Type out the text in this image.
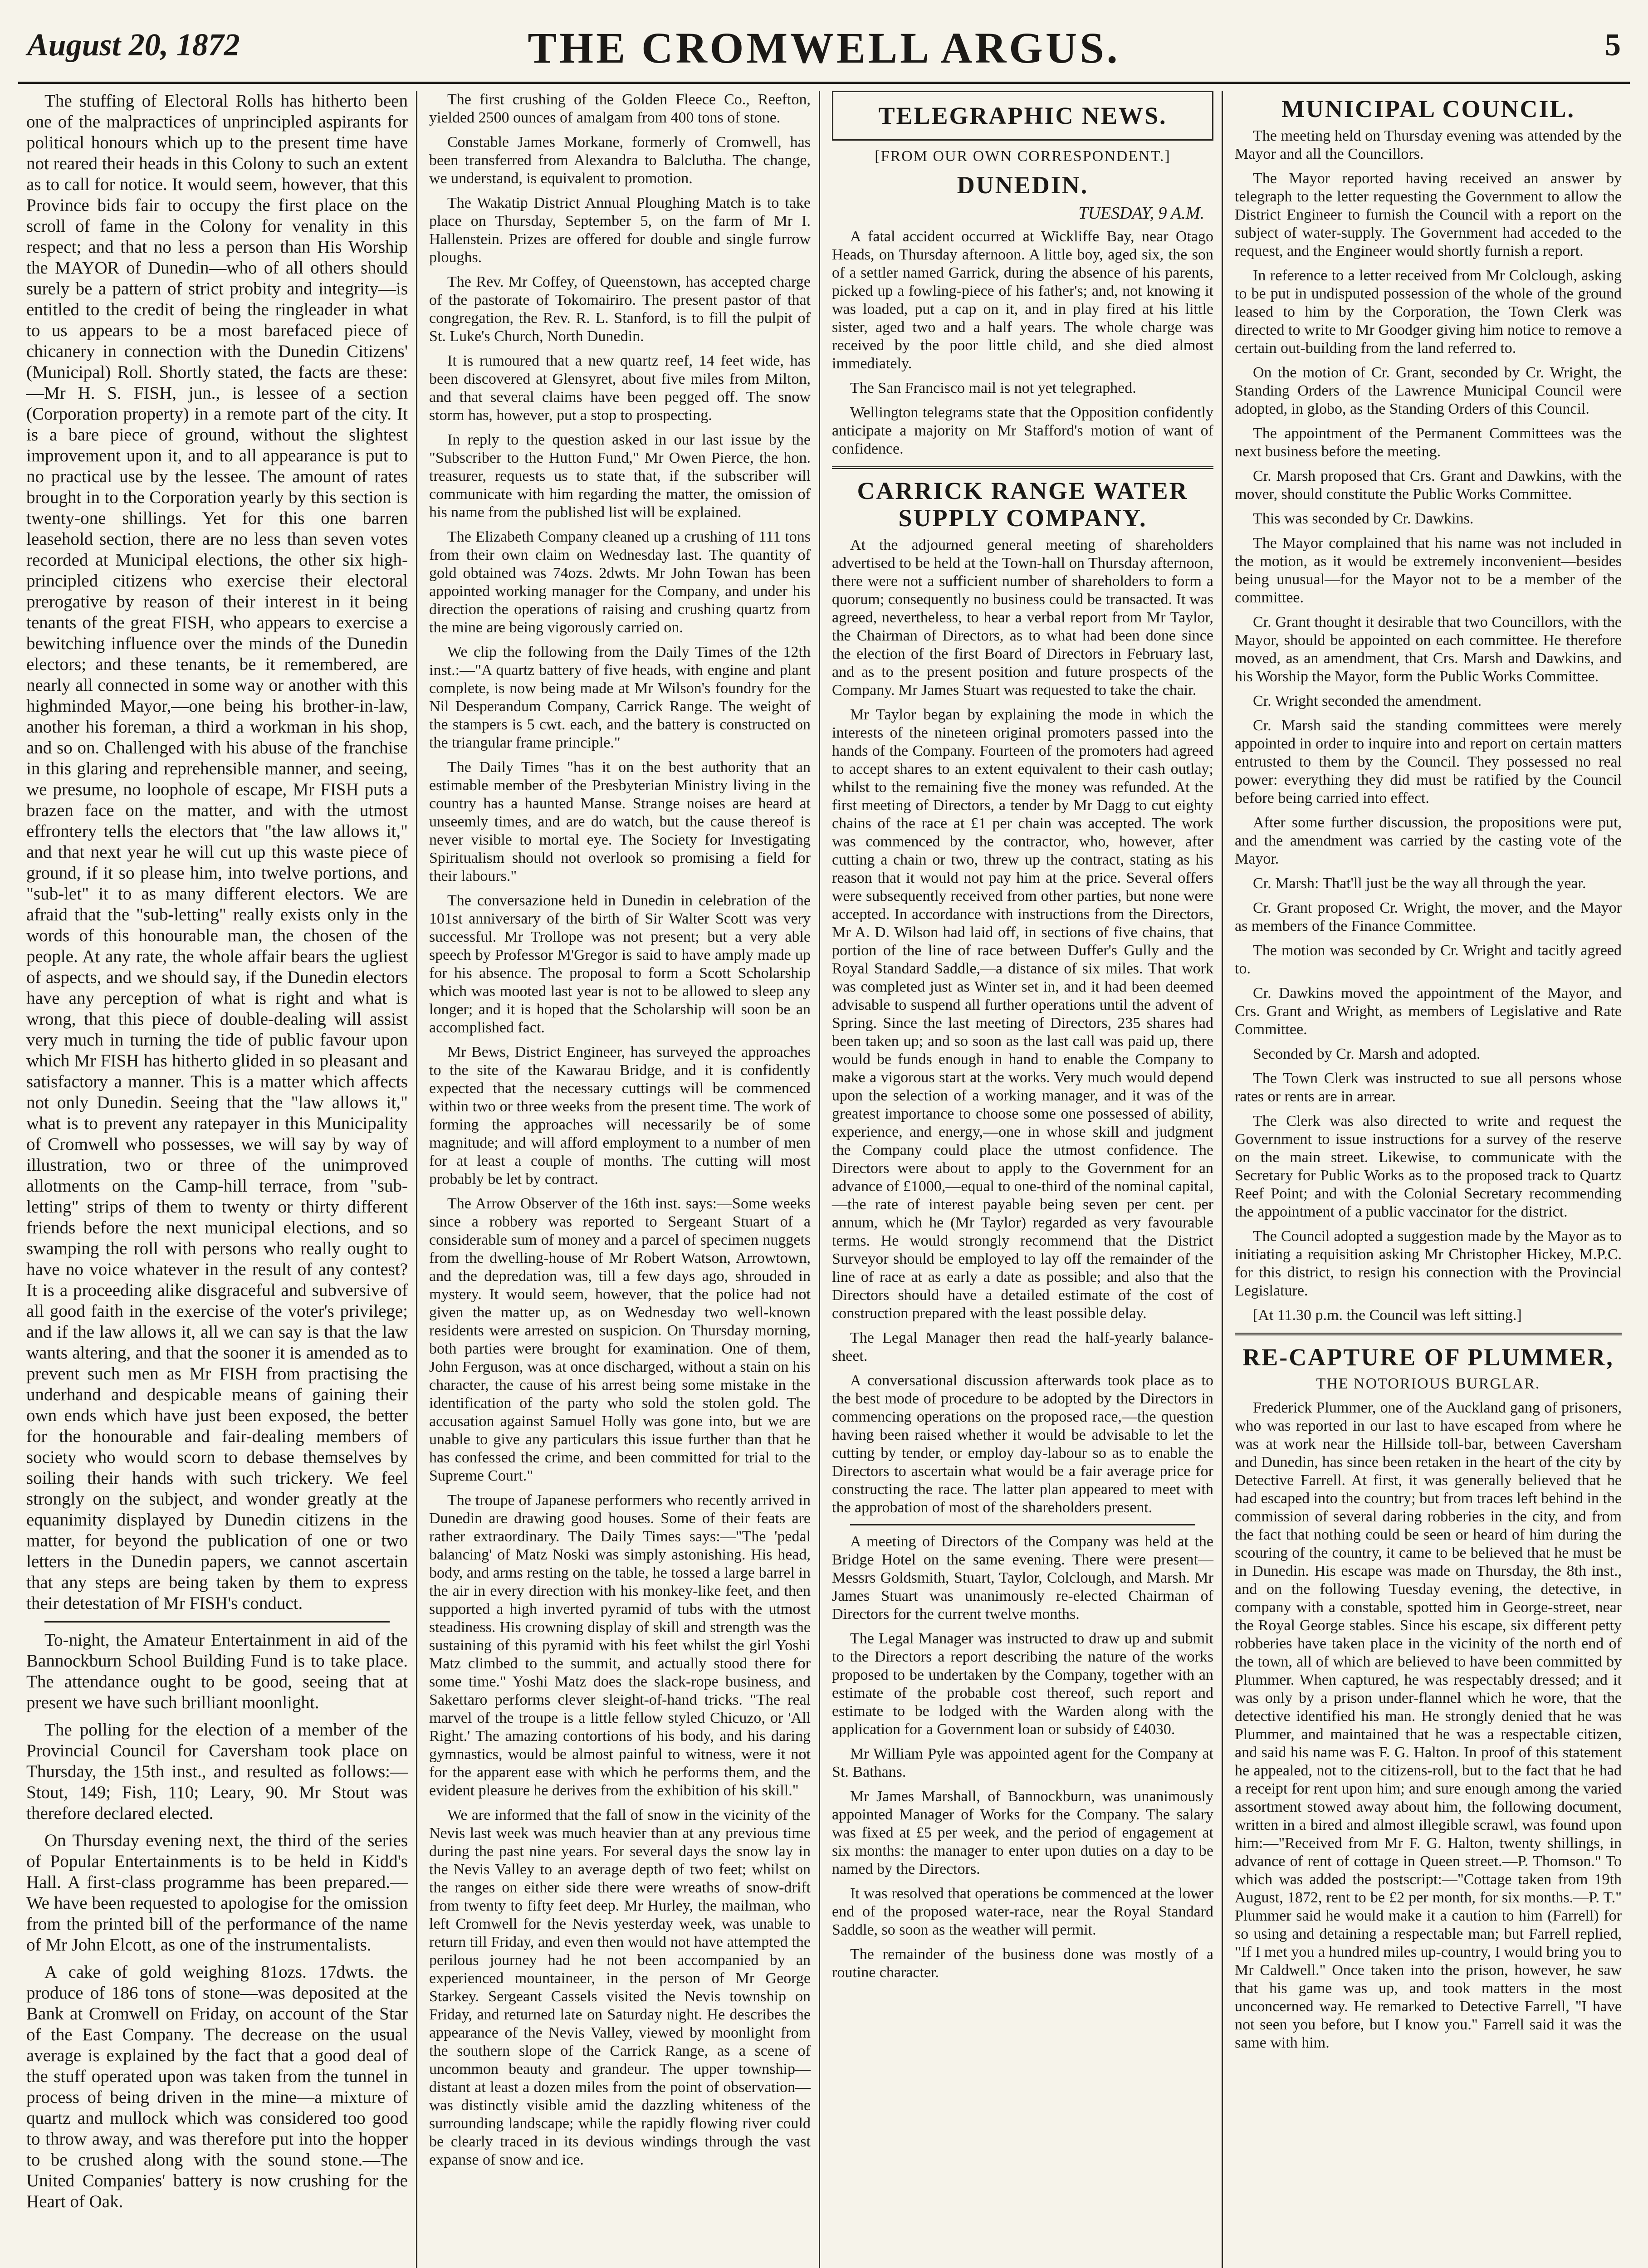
August 20, 1872	THE CROMWELL ARGUS.	5

The stuffing of Electoral Rolls has hitherto been one of the malpractices of unprincipled aspirants for political honours which up to the present time have not reared their heads in this Colony to such an extent as to call for notice. It would seem, however, that this Province bids fair to occupy the first place on the scroll of fame in the Colony for venality in this respect; and that no less a person than His Worship the MAYOR of Dunedin—who of all others should surely be a pattern of strict probity and integrity—is entitled to the credit of being the ringleader in what to us appears to be a most barefaced piece of chicanery in connection with the Dunedin Citizens' (Municipal) Roll. Shortly stated, the facts are these:—Mr H. S. FISH, jun., is lessee of a section (Corporation property) in a remote part of the city. It is a bare piece of ground, without the slightest improvement upon it, and to all appearance is put to no practical use by the lessee. The amount of rates brought in to the Corporation yearly by this section is twenty-one shillings. Yet for this one barren leasehold section, there are no less than seven votes recorded at Municipal elections, the other six high-principled citizens who exercise their electoral prerogative by reason of their interest in it being tenants of the great FISH, who appears to exercise a bewitching influence over the minds of the Dunedin electors; and these tenants, be it remembered, are nearly all connected in some way or another with this highminded Mayor,—one being his brother-in-law, another his foreman, a third a workman in his shop, and so on. Challenged with his abuse of the franchise in this glaring and reprehensible manner, and seeing, we presume, no loophole of escape, Mr FISH puts a brazen face on the matter, and with the utmost effrontery tells the electors that "the law allows it," and that next year he will cut up this waste piece of ground, if it so please him, into twelve portions, and "sub-let" it to as many different electors. We are afraid that the "sub-letting" really exists only in the words of this honourable man, the chosen of the people. At any rate, the whole affair bears the ugliest of aspects, and we should say, if the Dunedin electors have any perception of what is right and what is wrong, that this piece of double-dealing will assist very much in turning the tide of public favour upon which Mr FISH has hitherto glided in so pleasant and satisfactory a manner. This is a matter which affects not only Dunedin. Seeing that the "law allows it," what is to prevent any ratepayer in this Municipality of Cromwell who possesses, we will say by way of illustration, two or three of the unimproved allotments on the Camp-hill terrace, from "sub-letting" strips of them to twenty or thirty different friends before the next municipal elections, and so swamping the roll with persons who really ought to have no voice whatever in the result of any contest? It is a proceeding alike disgraceful and subversive of all good faith in the exercise of the voter's privilege; and if the law allows it, all we can say is that the law wants altering, and that the sooner it is amended as to prevent such men as Mr FISH from practising the underhand and despicable means of gaining their own ends which have just been exposed, the better for the honourable and fair-dealing members of society who would scorn to debase themselves by soiling their hands with such trickery. We feel strongly on the subject, and wonder greatly at the equanimity displayed by Dunedin citizens in the matter, for beyond the publication of one or two letters in the Dunedin papers, we cannot ascertain that any steps are being taken by them to express their detestation of Mr FISH's conduct.

To-night, the Amateur Entertainment in aid of the Bannockburn School Building Fund is to take place. The attendance ought to be good, seeing that at present we have such brilliant moonlight.

The polling for the election of a member of the Provincial Council for Caversham took place on Thursday, the 15th inst., and resulted as follows:—Stout, 149; Fish, 110; Leary, 90. Mr Stout was therefore declared elected.

On Thursday evening next, the third of the series of Popular Entertainments is to be held in Kidd's Hall. A first-class programme has been prepared.—We have been requested to apologise for the omission from the printed bill of the performance of the name of Mr John Elcott, as one of the instrumentalists.

A cake of gold weighing 81ozs. 17dwts. the produce of 186 tons of stone—was deposited at the Bank at Cromwell on Friday, on account of the Star of the East Company. The decrease on the usual average is explained by the fact that a good deal of the stuff operated upon was taken from the tunnel in process of being driven in the mine—a mixture of quartz and mullock which was considered too good to throw away, and was therefore put into the hopper to be crushed along with the sound stone.—The United Companies' battery is now crushing for the Heart of Oak.

The first crushing of the Golden Fleece Co., Reefton, yielded 2500 ounces of amalgam from 400 tons of stone.

Constable James Morkane, formerly of Cromwell, has been transferred from Alexandra to Balclutha. The change, we understand, is equivalent to promotion.

The Wakatip District Annual Ploughing Match is to take place on Thursday, September 5, on the farm of Mr I. Hallenstein. Prizes are offered for double and single furrow ploughs.

The Rev. Mr Coffey, of Queenstown, has accepted charge of the pastorate of Tokomairiro. The present pastor of that congregation, the Rev. R. L. Stanford, is to fill the pulpit of St. Luke's Church, North Dunedin.

It is rumoured that a new quartz reef, 14 feet wide, has been discovered at Glensyret, about five miles from Milton, and that several claims have been pegged off. The snow storm has, however, put a stop to prospecting.

In reply to the question asked in our last issue by the "Subscriber to the Hutton Fund," Mr Owen Pierce, the hon. treasurer, requests us to state that, if the subscriber will communicate with him regarding the matter, the omission of his name from the published list will be explained.

The Elizabeth Company cleaned up a crushing of 111 tons from their own claim on Wednesday last. The quantity of gold obtained was 74ozs. 2dwts. Mr John Towan has been appointed working manager for the Company, and under his direction the operations of raising and crushing quartz from the mine are being vigorously carried on.

We clip the following from the Daily Times of the 12th inst.:—"A quartz battery of five heads, with engine and plant complete, is now being made at Mr Wilson's foundry for the Nil Desperandum Company, Carrick Range. The weight of the stampers is 5 cwt. each, and the battery is constructed on the triangular frame principle."

The Daily Times "has it on the best authority that an estimable member of the Presbyterian Ministry living in the country has a haunted Manse. Strange noises are heard at unseemly times, and are do watch, but the cause thereof is never visible to mortal eye. The Society for Investigating Spiritualism should not overlook so promising a field for their labours."

The conversazione held in Dunedin in celebration of the 101st anniversary of the birth of Sir Walter Scott was very successful. Mr Trollope was not present; but a very able speech by Professor M'Gregor is said to have amply made up for his absence. The proposal to form a Scott Scholarship which was mooted last year is not to be allowed to sleep any longer; and it is hoped that the Scholarship will soon be an accomplished fact.

Mr Bews, District Engineer, has surveyed the approaches to the site of the Kawarau Bridge, and it is confidently expected that the necessary cuttings will be commenced within two or three weeks from the present time. The work of forming the approaches will necessarily be of some magnitude; and will afford employment to a number of men for at least a couple of months. The cutting will most probably be let by contract.

The Arrow Observer of the 16th inst. says:—Some weeks since a robbery was reported to Sergeant Stuart of a considerable sum of money and a parcel of specimen nuggets from the dwelling-house of Mr Robert Watson, Arrowtown, and the depredation was, till a few days ago, shrouded in mystery. It would seem, however, that the police had not given the matter up, as on Wednesday two well-known residents were arrested on suspicion. On Thursday morning, both parties were brought for examination. One of them, John Ferguson, was at once discharged, without a stain on his character, the cause of his arrest being some mistake in the identification of the party who sold the stolen gold. The accusation against Samuel Holly was gone into, but we are unable to give any particulars this issue further than that he has confessed the crime, and been committed for trial to the Supreme Court."

The troupe of Japanese performers who recently arrived in Dunedin are drawing good houses. Some of their feats are rather extraordinary. The Daily Times says:—"The 'pedal balancing' of Matz Noski was simply astonishing. His head, body, and arms resting on the table, he tossed a large barrel in the air in every direction with his monkey-like feet, and then supported a high inverted pyramid of tubs with the utmost steadiness. His crowning display of skill and strength was the sustaining of this pyramid with his feet whilst the girl Yoshi Matz climbed to the summit, and actually stood there for some time." Yoshi Matz does the slack-rope business, and Sakettaro performs clever sleight-of-hand tricks. "The real marvel of the troupe is a little fellow styled Chicuzo, or 'All Right.' The amazing contortions of his body, and his daring gymnastics, would be almost painful to witness, were it not for the apparent ease with which he performs them, and the evident pleasure he derives from the exhibition of his skill."

We are informed that the fall of snow in the vicinity of the Nevis last week was much heavier than at any previous time during the past nine years. For several days the snow lay in the Nevis Valley to an average depth of two feet; whilst on the ranges on either side there were wreaths of snow-drift from twenty to fifty feet deep. Mr Hurley, the mailman, who left Cromwell for the Nevis yesterday week, was unable to return till Friday, and even then would not have attempted the perilous journey had he not been accompanied by an experienced mountaineer, in the person of Mr George Starkey. Sergeant Cassels visited the Nevis township on Friday, and returned late on Saturday night. He describes the appearance of the Nevis Valley, viewed by moonlight from the southern slope of the Carrick Range, as a scene of uncommon beauty and grandeur. The upper township—distant at least a dozen miles from the point of observation—was distinctly visible amid the dazzling whiteness of the surrounding landscape; while the rapidly flowing river could be clearly traced in its devious windings through the vast expanse of snow and ice.

TELEGRAPHIC NEWS.
[FROM OUR OWN CORRESPONDENT.]
DUNEDIN.
TUESDAY, 9 A.M.

A fatal accident occurred at Wickliffe Bay, near Otago Heads, on Thursday afternoon. A little boy, aged six, the son of a settler named Garrick, during the absence of his parents, picked up a fowling-piece of his father's; and, not knowing it was loaded, put a cap on it, and in play fired at his little sister, aged two and a half years. The whole charge was received by the poor little child, and she died almost immediately.

The San Francisco mail is not yet telegraphed.

Wellington telegrams state that the Opposition confidently anticipate a majority on Mr Stafford's motion of want of confidence.

CARRICK RANGE WATER SUPPLY COMPANY.

At the adjourned general meeting of shareholders advertised to be held at the Town-hall on Thursday afternoon, there were not a sufficient number of shareholders to form a quorum; consequently no business could be transacted. It was agreed, nevertheless, to hear a verbal report from Mr Taylor, the Chairman of Directors, as to what had been done since the election of the first Board of Directors in February last, and as to the present position and future prospects of the Company. Mr James Stuart was requested to take the chair.

Mr Taylor began by explaining the mode in which the interests of the nineteen original promoters passed into the hands of the Company. Fourteen of the promoters had agreed to accept shares to an extent equivalent to their cash outlay; whilst to the remaining five the money was refunded. At the first meeting of Directors, a tender by Mr Dagg to cut eighty chains of the race at £1 per chain was accepted. The work was commenced by the contractor, who, however, after cutting a chain or two, threw up the contract, stating as his reason that it would not pay him at the price. Several offers were subsequently received from other parties, but none were accepted. In accordance with instructions from the Directors, Mr A. D. Wilson had laid off, in sections of five chains, that portion of the line of race between Duffer's Gully and the Royal Standard Saddle,—a distance of six miles. That work was completed just as Winter set in, and it had been deemed advisable to suspend all further operations until the advent of Spring. Since the last meeting of Directors, 235 shares had been taken up; and so soon as the last call was paid up, there would be funds enough in hand to enable the Company to make a vigorous start at the works. Very much would depend upon the selection of a working manager, and it was of the greatest importance to choose some one possessed of ability, experience, and energy,—one in whose skill and judgment the Company could place the utmost confidence. The Directors were about to apply to the Government for an advance of £1000,—equal to one-third of the nominal capital,—the rate of interest payable being seven per cent. per annum, which he (Mr Taylor) regarded as very favourable terms. He would strongly recommend that the District Surveyor should be employed to lay off the remainder of the line of race at as early a date as possible; and also that the Directors should have a detailed estimate of the cost of construction prepared with the least possible delay.

The Legal Manager then read the half-yearly balance-sheet.

A conversational discussion afterwards took place as to the best mode of procedure to be adopted by the Directors in commencing operations on the proposed race,—the question having been raised whether it would be advisable to let the cutting by tender, or employ day-labour so as to enable the Directors to ascertain what would be a fair average price for constructing the race. The latter plan appeared to meet with the approbation of most of the shareholders present.

A meeting of Directors of the Company was held at the Bridge Hotel on the same evening. There were present—Messrs Goldsmith, Stuart, Taylor, Colclough, and Marsh. Mr James Stuart was unanimously re-elected Chairman of Directors for the current twelve months.

The Legal Manager was instructed to draw up and submit to the Directors a report describing the nature of the works proposed to be undertaken by the Company, together with an estimate of the probable cost thereof, such report and estimate to be lodged with the Warden along with the application for a Government loan or subsidy of £4030.

Mr William Pyle was appointed agent for the Company at St. Bathans.

Mr James Marshall, of Bannockburn, was unanimously appointed Manager of Works for the Company. The salary was fixed at £5 per week, and the period of engagement at six months: the manager to enter upon duties on a day to be named by the Directors.

It was resolved that operations be commenced at the lower end of the proposed water-race, near the Royal Standard Saddle, so soon as the weather will permit.

The remainder of the business done was mostly of a routine character.

MUNICIPAL COUNCIL.

The meeting held on Thursday evening was attended by the Mayor and all the Councillors.

The Mayor reported having received an answer by telegraph to the letter requesting the Government to allow the District Engineer to furnish the Council with a report on the subject of water-supply. The Government had acceded to the request, and the Engineer would shortly furnish a report.

In reference to a letter received from Mr Colclough, asking to be put in undisputed possession of the whole of the ground leased to him by the Corporation, the Town Clerk was directed to write to Mr Goodger giving him notice to remove a certain out-building from the land referred to.

On the motion of Cr. Grant, seconded by Cr. Wright, the Standing Orders of the Lawrence Municipal Council were adopted, in globo, as the Standing Orders of this Council.

The appointment of the Permanent Committees was the next business before the meeting.

Cr. Marsh proposed that Crs. Grant and Dawkins, with the mover, should constitute the Public Works Committee.

This was seconded by Cr. Dawkins.

The Mayor complained that his name was not included in the motion, as it would be extremely inconvenient—besides being unusual—for the Mayor not to be a member of the committee.

Cr. Grant thought it desirable that two Councillors, with the Mayor, should be appointed on each committee. He therefore moved, as an amendment, that Crs. Marsh and Dawkins, and his Worship the Mayor, form the Public Works Committee.

Cr. Wright seconded the amendment.

Cr. Marsh said the standing committees were merely appointed in order to inquire into and report on certain matters entrusted to them by the Council. They possessed no real power: everything they did must be ratified by the Council before being carried into effect.

After some further discussion, the propositions were put, and the amendment was carried by the casting vote of the Mayor.

Cr. Marsh: That'll just be the way all through the year.

Cr. Grant proposed Cr. Wright, the mover, and the Mayor as members of the Finance Committee.

The motion was seconded by Cr. Wright and tacitly agreed to.

Cr. Dawkins moved the appointment of the Mayor, and Crs. Grant and Wright, as members of Legislative and Rate Committee.

Seconded by Cr. Marsh and adopted.

The Town Clerk was instructed to sue all persons whose rates or rents are in arrear.

The Clerk was also directed to write and request the Government to issue instructions for a survey of the reserve on the main street. Likewise, to communicate with the Secretary for Public Works as to the proposed track to Quartz Reef Point; and with the Colonial Secretary recommending the appointment of a public vaccinator for the district.

The Council adopted a suggestion made by the Mayor as to initiating a requisition asking Mr Christopher Hickey, M.P.C. for this district, to resign his connection with the Provincial Legislature.

[At 11.30 p.m. the Council was left sitting.]

RE-CAPTURE OF PLUMMER,
THE NOTORIOUS BURGLAR.

Frederick Plummer, one of the Auckland gang of prisoners, who was reported in our last to have escaped from where he was at work near the Hillside toll-bar, between Caversham and Dunedin, has since been retaken in the heart of the city by Detective Farrell. At first, it was generally believed that he had escaped into the country; but from traces left behind in the commission of several daring robberies in the city, and from the fact that nothing could be seen or heard of him during the scouring of the country, it came to be believed that he must be in Dunedin. His escape was made on Thursday, the 8th inst., and on the following Tuesday evening, the detective, in company with a constable, spotted him in George-street, near the Royal George stables. Since his escape, six different petty robberies have taken place in the vicinity of the north end of the town, all of which are believed to have been committed by Plummer. When captured, he was respectably dressed; and it was only by a prison under-flannel which he wore, that the detective identified his man. He strongly denied that he was Plummer, and maintained that he was a respectable citizen, and said his name was F. G. Halton. In proof of this statement he appealed, not to the citizens-roll, but to the fact that he had a receipt for rent upon him; and sure enough among the varied assortment stowed away about him, the following document, written in a bired and almost illegible scrawl, was found upon him:—"Received from Mr F. G. Halton, twenty shillings, in advance of rent of cottage in Queen street.—P. Thomson." To which was added the postscript:—"Cottage taken from 19th August, 1872, rent to be £2 per month, for six months.—P. T." Plummer said he would make it a caution to him (Farrell) for so using and detaining a respectable man; but Farrell replied, "If I met you a hundred miles up-country, I would bring you to Mr Caldwell." Once taken into the prison, however, he saw that his game was up, and took matters in the most unconcerned way. He remarked to Detective Farrell, "I have not seen you before, but I know you." Farrell said it was the same with him.
